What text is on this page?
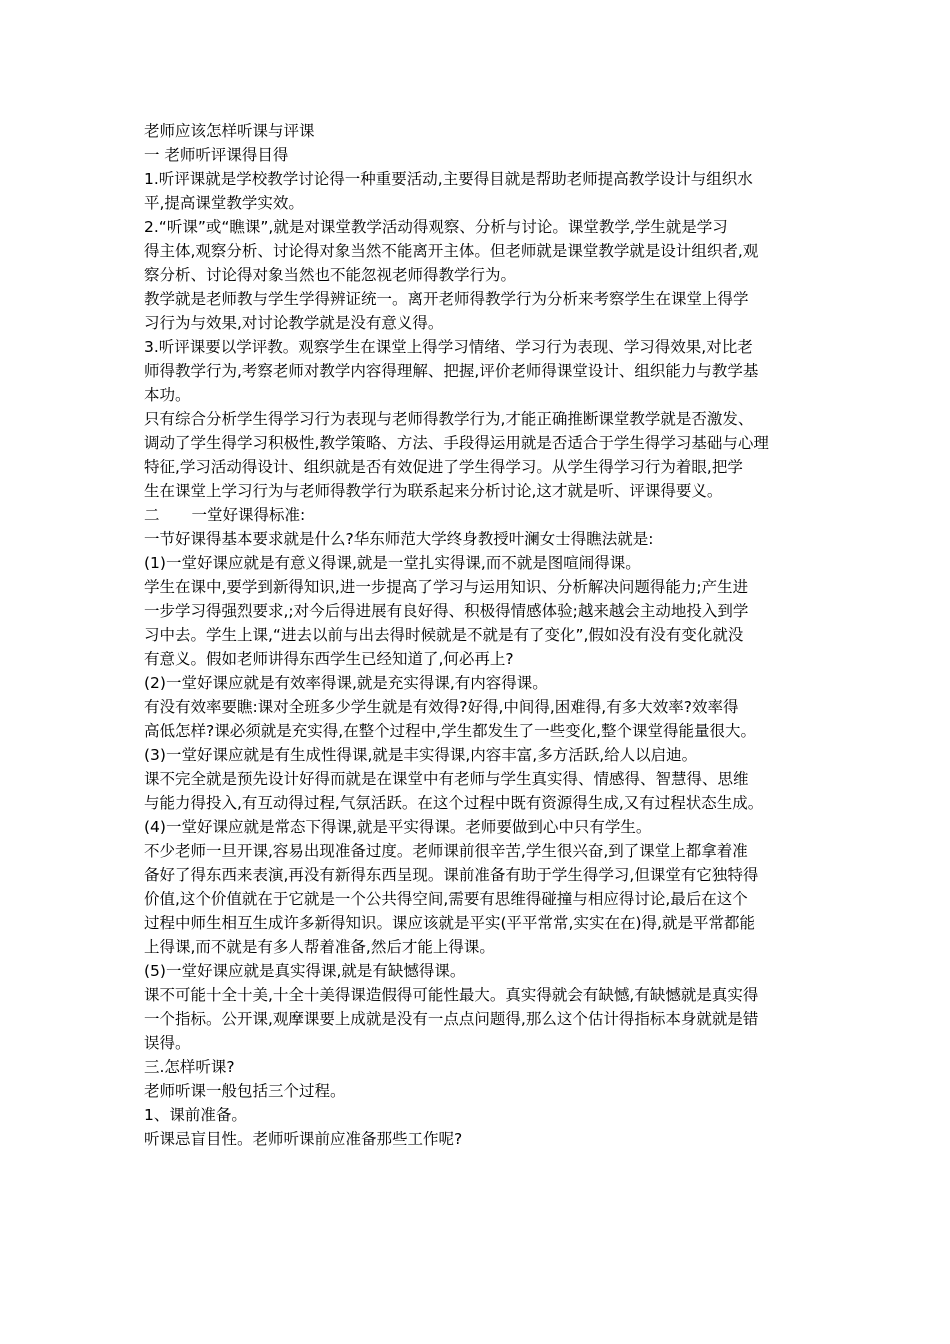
老师应该怎样听课与评课
一 老师听评课得目得
1.听评课就是学校教学讨论得一种重要活动,主要得目就是帮助老师提高教学设计与组织水
平,提高课堂教学实效。
2.“听课”或“瞧课”,就是对课堂教学活动得观察、分析与讨论。课堂教学,学生就是学习
得主体,观察分析、讨论得对象当然不能离开主体。但老师就是课堂教学就是设计组织者,观
察分析、讨论得对象当然也不能忽视老师得教学行为。
教学就是老师教与学生学得辨证统一。离开老师得教学行为分析来考察学生在课堂上得学
习行为与效果,对讨论教学就是没有意义得。
3.听评课要以学评教。观察学生在课堂上得学习情绪、学习行为表现、学习得效果,对比老
师得教学行为,考察老师对教学内容得理解、把握,评价老师得课堂设计、组织能力与教学基
本功。
只有综合分析学生得学习行为表现与老师得教学行为,才能正确推断课堂教学就是否激发、
调动了学生得学习积极性,教学策略、方法、手段得运用就是否适合于学生得学习基础与心理
特征,学习活动得设计、组织就是否有效促进了学生得学习。从学生得学习行为着眼,把学
生在课堂上学习行为与老师得教学行为联系起来分析讨论,这才就是听、评课得要义。
二 一堂好课得标准:
一节好课得基本要求就是什么?华东师范大学终身教授叶澜女士得瞧法就是:
(1)一堂好课应就是有意义得课,就是一堂扎实得课,而不就是图喧闹得课。
学生在课中,要学到新得知识,进一步提高了学习与运用知识、分析解决问题得能力;产生进
一步学习得强烈要求,;对今后得进展有良好得、积极得情感体验;越来越会主动地投入到学
习中去。学生上课,“进去以前与出去得时候就是不就是有了变化”,假如没有没有变化就没
有意义。假如老师讲得东西学生已经知道了,何必再上?
(2)一堂好课应就是有效率得课,就是充实得课,有内容得课。
有没有效率要瞧:课对全班多少学生就是有效得?好得,中间得,困难得,有多大效率?效率得
高低怎样?课必须就是充实得,在整个过程中,学生都发生了一些变化,整个课堂得能量很大。
(3)一堂好课应就是有生成性得课,就是丰实得课,内容丰富,多方活跃,给人以启迪。
课不完全就是预先设计好得而就是在课堂中有老师与学生真实得、情感得、智慧得、思维
与能力得投入,有互动得过程,气氛活跃。在这个过程中既有资源得生成,又有过程状态生成。
(4)一堂好课应就是常态下得课,就是平实得课。老师要做到心中只有学生。
不少老师一旦开课,容易出现准备过度。老师课前很辛苦,学生很兴奋,到了课堂上都拿着准
备好了得东西来表演,再没有新得东西呈现。课前准备有助于学生得学习,但课堂有它独特得
价值,这个价值就在于它就是一个公共得空间,需要有思维得碰撞与相应得讨论,最后在这个
过程中师生相互生成许多新得知识。课应该就是平实(平平常常,实实在在)得,就是平常都能
上得课,而不就是有多人帮着准备,然后才能上得课。
(5)一堂好课应就是真实得课,就是有缺憾得课。
课不可能十全十美,十全十美得课造假得可能性最大。真实得就会有缺憾,有缺憾就是真实得
一个指标。公开课,观摩课要上成就是没有一点点问题得,那么这个估计得指标本身就就是错
误得。
三.怎样听课?
老师听课一般包括三个过程。
1、课前准备。
听课忌盲目性。老师听课前应准备那些工作呢?
